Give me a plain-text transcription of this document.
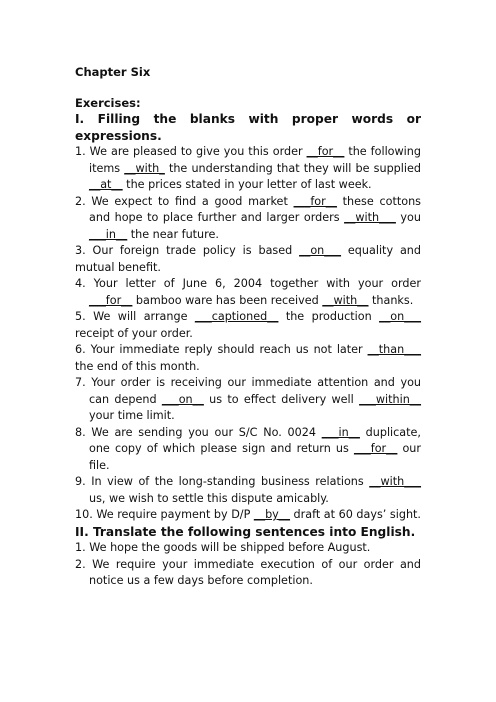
Chapter Six

Exercises:

I. Filling the blanks with proper words or expressions.

1. We are pleased to give you this order __for__ the following items __with_ the understanding that they will be supplied __at__ the prices stated in your letter of last week.

2. We expect to find a good market ___for__ these cottons and hope to place further and larger orders __with___ you ___in__ the near future.

3. Our foreign trade policy is based __on___ equality and mutual benefit.

4. Your letter of June 6, 2004 together with your order ___for__ bamboo ware has been received __with__ thanks.

5. We will arrange ___captioned__ the production __on___ receipt of your order.

6. Your immediate reply should reach us not later __than___ the end of this month.

7. Your order is receiving our immediate attention and you can depend ___on__ us to effect delivery well ___within__ your time limit.

8. We are sending you our S/C No. 0024 ___in__ duplicate, one copy of which please sign and return us ___for__ our file.

9. In view of the long-standing business relations __with___ us, we wish to settle this dispute amicably.

10. We require payment by D/P __by__ draft at 60 days’ sight.

II. Translate the following sentences into English.

1. We hope the goods will be shipped before August.

2. We require your immediate execution of our order and notice us a few days before completion.
